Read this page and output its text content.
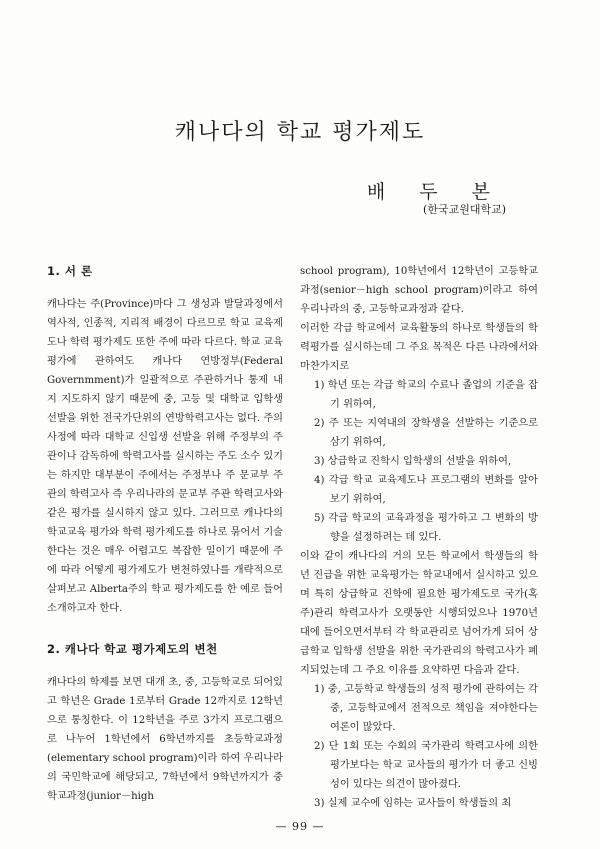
캐나다의 학교 평가제도
배 두 본
(한국교원대학교)
1. 서 론

캐나다는 주(Province)마다 그 생성과 발달과정에서 역사적, 인종적, 지리적 배경이 다르므로 학교 교육제도나 학력 평가제도 또한 주에 따라 다르다. 학교 교육평가에 관하여도 캐나다 연방정부(Federal Governmment)가 일괄적으로 주관하거나 통제 내지 지도하지 않기 때문에 중, 고등 및 대학교 입학생 선발을 위한 전국가단위의 연방학력고사는 없다. 주의 사정에 따라 대학교 신입생 선발을 위해 주정부의 주관이나 감독하에 학력고사를 실시하는 주도 소수 있기는 하지만 대부분이 주에서는 주정부나 주 문교부 주관의 학력고사 즉 우리나라의 문교부 주관 학력고사와 같은 평가를 실시하지 않고 있다. 그러므로 캐나다의 학교교육 평가와 학력 평가제도를 하나로 묶어서 기술한다는 것은 매우 어렵고도 복잡한 일이기 때문에 주에 따라 어떻게 평가제도가 변천하였나를 개략적으로 살펴보고 Alberta주의 학교 평가제도를 한 예로 들어 소개하고자 한다.

2. 캐나다 학교 평가제도의 변천

캐나다의 학제를 보면 대개 초, 중, 고등학교로 되어있고 학년은 Grade 1로부터 Grade 12까지로 12학년으로 통칭한다. 이 12학년을 주로 3가지 프로그램으로 나누어 1학년에서 6학년까지를 초등학교과정(elementary school program)이라 하여 우리나라의 국민학교에 해당되고, 7학년에서 9학년까지가 중학교과정(junior－high

school program), 10학년에서 12학년이 고등학교과정(senior－high school program)이라고 하여 우리나라의 중, 고등학교과정과 같다.

이러한 각급 학교에서 교육활동의 하나로 학생들의 학력평가를 실시하는데 그 주요 목적은 다른 나라에서와 마찬가지로

1) 학년 또는 각급 학교의 수료나 졸업의 기준을 잡기 위하여,
2) 주 또는 지역내의 장학생을 선발하는 기준으로 삼기 위하여,
3) 상급학교 진학시 입학생의 선발을 위하여,
4) 각급 학교 교육제도나 프로그램의 변화를 알아보기 위하여,
5) 각급 학교의 교육과정을 평가하고 그 변화의 방향을 설정하려는 데 있다.

이와 같이 캐나다의 거의 모든 학교에서 학생들의 학년 진급을 위한 교육평가는 학교내에서 실시하고 있으며 특히 상급학교 진학에 필요한 평가제도로 국가(혹 주)관리 학력고사가 오랫동안 시행되었으나 1970년대에 들어오면서부터 각 학교관리로 넘어가게 되어 상급학교 입학생 선발을 위한 국가관리의 학력고사가 폐지되었는데 그 주요 이유를 요약하면 다음과 같다.

1) 중, 고등학교 학생들의 성적 평가에 관하여는 각 중, 고등학교에서 전적으로 책임을 져야한다는 여론이 많았다.
2) 단 1회 또는 수회의 국가관리 학력고사에 의한 평가보다는 학교 교사들의 평가가 더 좋고 신빙성이 있다는 의견이 많아졌다.
3) 실제 교수에 임하는 교사들이 학생들의 최
— 99 —
